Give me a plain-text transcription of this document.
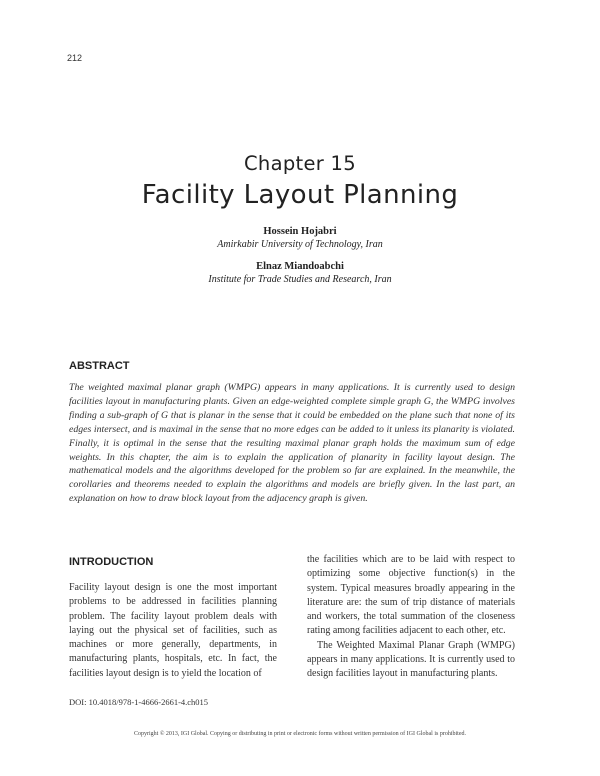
212
Chapter 15
Facility Layout Planning
Hossein Hojabri
Amirkabir University of Technology, Iran
Elnaz Miandoabchi
Institute for Trade Studies and Research, Iran
ABSTRACT
The weighted maximal planar graph (WMPG) appears in many applications. It is currently used to design facilities layout in manufacturing plants. Given an edge-weighted complete simple graph G, the WMPG involves finding a sub-graph of G that is planar in the sense that it could be embedded on the plane such that none of its edges intersect, and is maximal in the sense that no more edges can be added to it unless its planarity is violated. Finally, it is optimal in the sense that the resulting maximal planar graph holds the maximum sum of edge weights. In this chapter, the aim is to explain the application of planarity in facility layout design. The mathematical models and the algorithms developed for the problem so far are explained. In the meanwhile, the corollaries and theorems needed to explain the algorithms and models are briefly given. In the last part, an explanation on how to draw block layout from the adjacency graph is given.
INTRODUCTION

Facility layout design is one the most important problems to be addressed in facilities planning problem. The facility layout problem deals with laying out the physical set of facilities, such as machines or more generally, departments, in manufacturing plants, hospitals, etc. In fact, the facilities layout design is to yield the location of

the facilities which are to be laid with respect to optimizing some objective function(s) in the system. Typical measures broadly appearing in the literature are: the sum of trip distance of materials and workers, the total summation of the closeness rating among facilities adjacent to each other, etc.

The Weighted Maximal Planar Graph (WMPG) appears in many applications. It is currently used to design facilities layout in manufacturing plants.

DOI: 10.4018/978-1-4666-2661-4.ch015
Copyright © 2013, IGI Global. Copying or distributing in print or electronic forms without written permission of IGI Global is prohibited.
